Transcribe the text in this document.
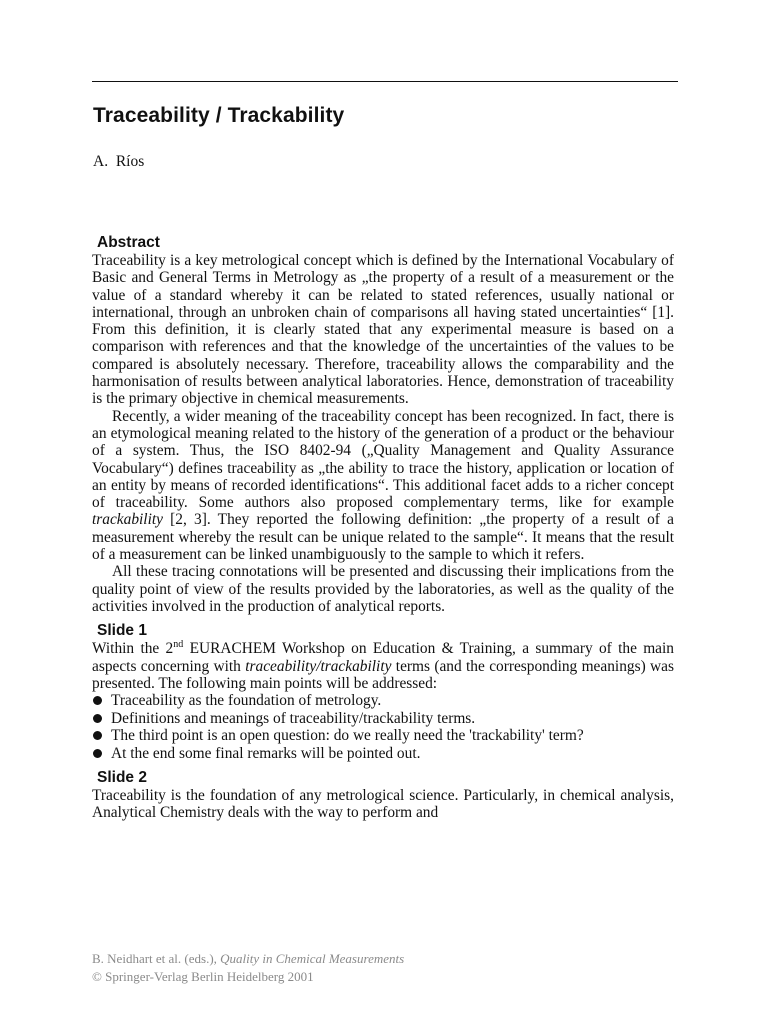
Traceability / Trackability
A.  Ríos
Abstract

Traceability is a key metrological concept which is defined by the International Vocabulary of Basic and General Terms in Metrology as „the property of a result of a measurement or the value of a standard whereby it can be related to stated references, usually national or international, through an unbroken chain of comparisons all having stated uncertainties“ [1]. From this definition, it is clearly stated that any experimental measure is based on a comparison with references and that the knowledge of the uncertainties of the values to be compared is absolutely necessary. Therefore, traceability allows the comparability and the harmonisation of results between analytical laboratories. Hence, demonstration of traceability is the primary objective in chemical measurements.

Recently, a wider meaning of the traceability concept has been recognized. In fact, there is an etymological meaning related to the history of the generation of a product or the behaviour of a system. Thus, the ISO 8402-94 („Quality Management and Quality Assurance Vocabulary“) defines traceability as „the ability to trace the history, application or location of an entity by means of recorded identifications“. This additional facet adds to a richer concept of traceability. Some authors also proposed complementary terms, like for example trackability [2, 3]. They reported the following definition: „the property of a result of a measurement whereby the result can be unique related to the sample“. It means that the result of a measurement can be linked unambiguously to the sample to which it refers.

All these tracing connotations will be presented and discussing their implications from the quality point of view of the results provided by the laboratories, as well as the quality of the activities involved in the production of analytical reports.

Slide 1

Within the 2nd EURACHEM Workshop on Education & Training, a summary of the main aspects concerning with traceability/trackability terms (and the corresponding meanings) was presented. The following main points will be addressed:

Traceability as the foundation of metrology.
Definitions and meanings of traceability/trackability terms.
The third point is an open question: do we really need the 'trackability' term?
At the end some final remarks will be pointed out.
Slide 2

Traceability is the foundation of any metrological science. Particularly, in chemical analysis, Analytical Chemistry deals with the way to perform and

B. Neidhart et al. (eds.), Quality in Chemical Measurements
© Springer-Verlag Berlin Heidelberg 2001
